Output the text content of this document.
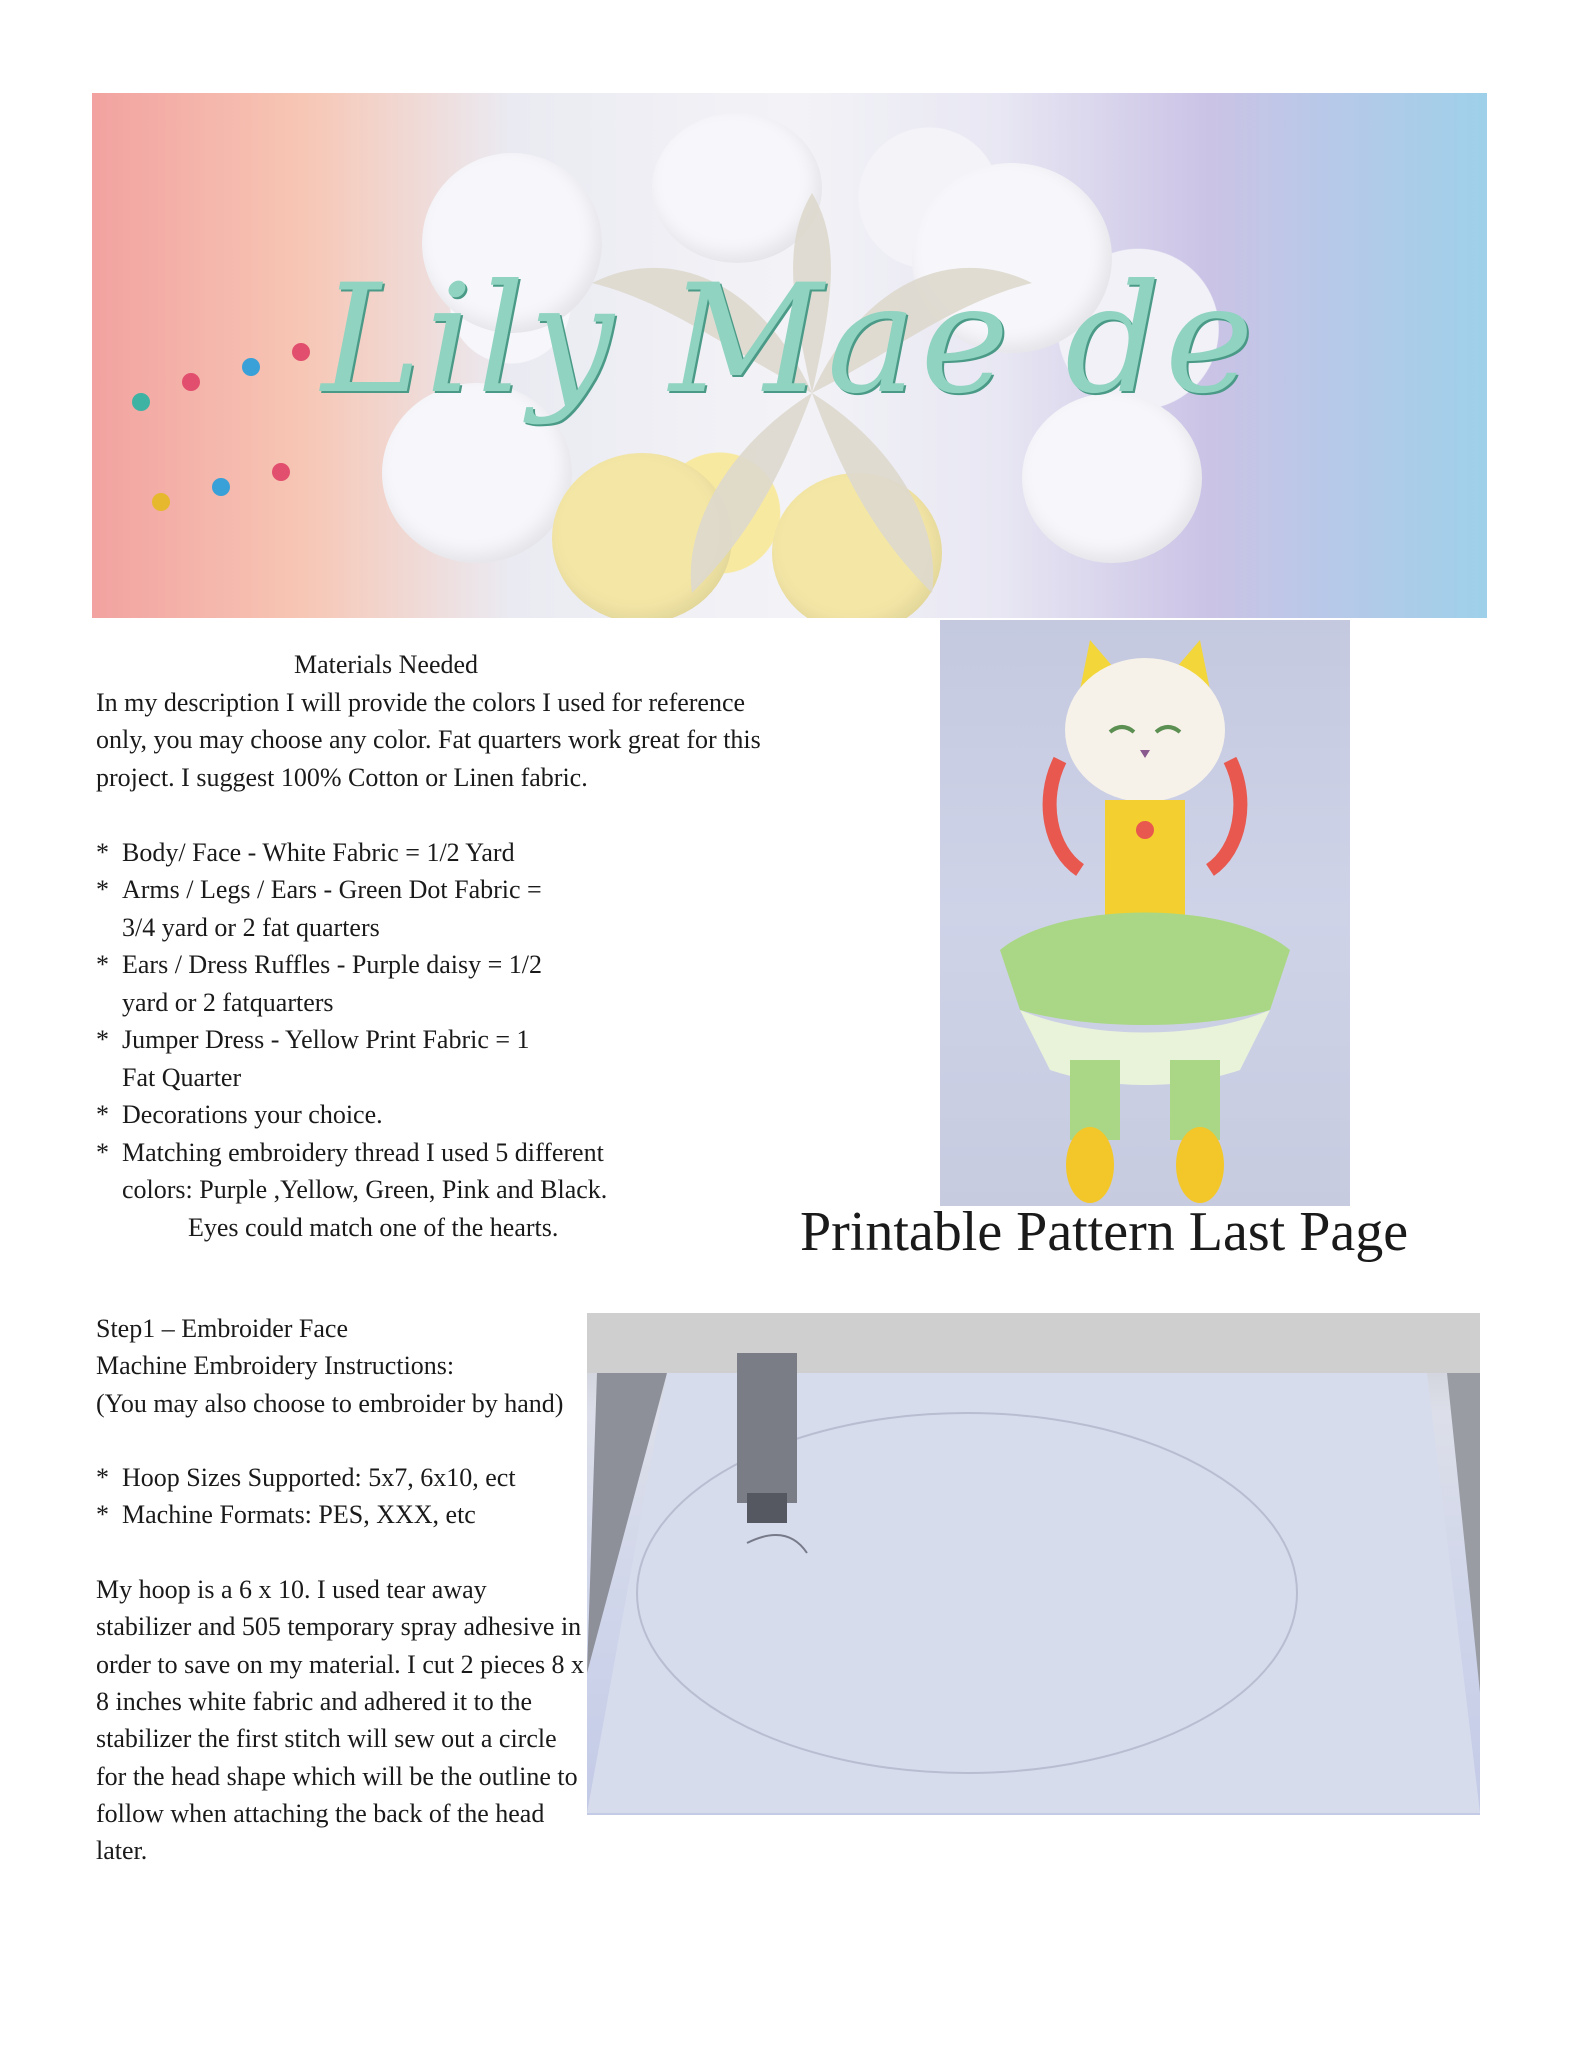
Lily Mae de
Materials Needed

In my description I will provide the colors I used for reference only, you may choose any color. Fat quarters work great for this project. I suggest 100% Cotton or Linen fabric.

* Body/ Face - White Fabric = 1/2 Yard
* Arms / Legs / Ears - Green Dot Fabric =
3/4 yard or 2 fat quarters
* Ears / Dress Ruffles - Purple daisy = 1/2
yard or 2 fatquarters
* Jumper Dress - Yellow Print Fabric = 1
Fat Quarter
* Decorations your choice.
* Matching embroidery thread I used 5 different
colors: Purple ,Yellow, Green, Pink and Black.
Eyes could match one of the hearts.	Printable Pattern Last Page
Step1 – Embroider Face
Machine Embroidery Instructions:
(You may also choose to embroider by hand)
* Hoop Sizes Supported: 5x7, 6x10, ect
* Machine Formats: PES, XXX, etc

My hoop is a 6 x 10. I used tear away stabilizer and 505 temporary spray adhesive in order to save on my material. I cut 2 pieces 8 x 8 inches white fabric and adhered it to the stabilizer the first stitch will sew out a circle for the head shape which will be the outline to follow when attaching the back of the head later.
